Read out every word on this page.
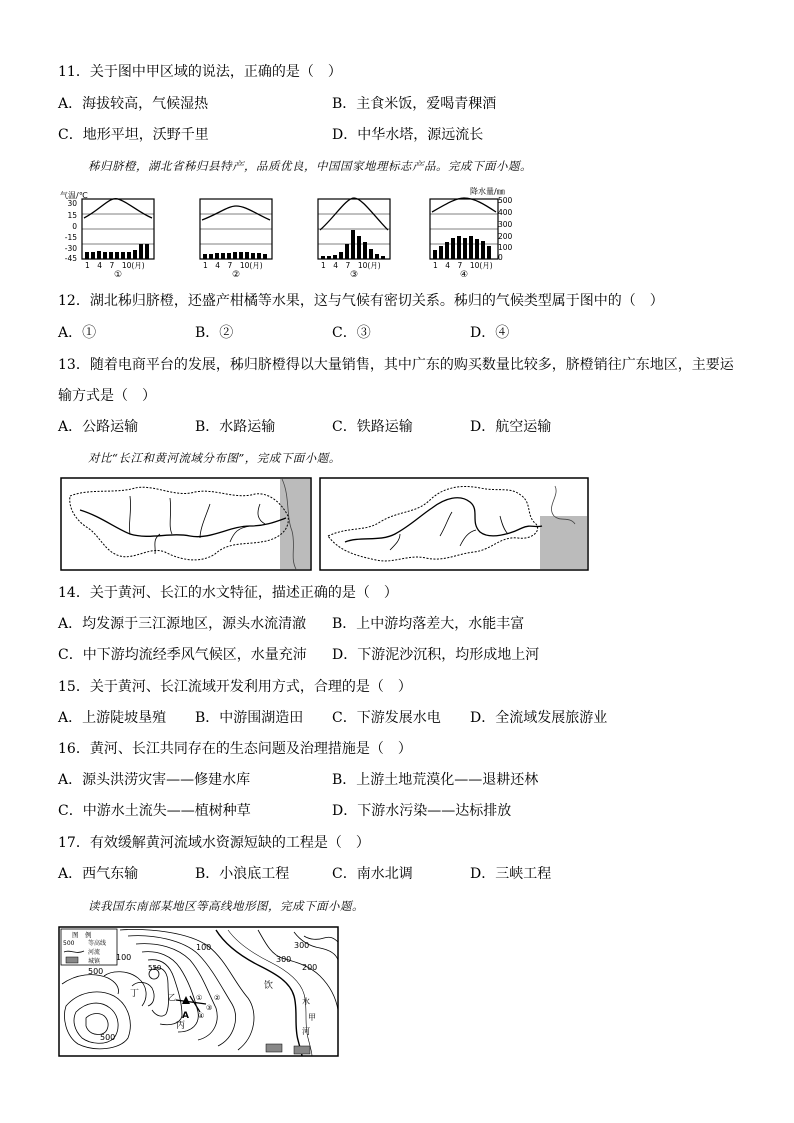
11．关于图中甲区域的说法，正确的是（　）
A．海拔较高，气候湿热	B．主食米饭，爱喝青稞酒
C．地形平坦，沃野千里	D．中华水塔，源远流长
秭归脐橙，湖北省秭归县特产，品质优良，中国国家地理标志产品。完成下面小题。
气温/℃	降水量/㎜
30
15
0
-15
-30
-45
500
400
300
200
100
0
1　4　7　10(月)	1　4　7　10(月)	1　4　7　10(月)	1　4　7　10(月)
①	②	③	④
12．湖北秭归脐橙，还盛产柑橘等水果，这与气候有密切关系。秭归的气候类型属于图中的（　）
A．①	B．②	C．③	D．④
13．随着电商平台的发展，秭归脐橙得以大量销售，其中广东的购买数量比较多，脐橙销往广东地区，主要运
输方式是（　）
A．公路运输	B．水路运输	C．铁路运输	D．航空运输
对比“长江和黄河流域分布图”，完成下面小题。
14．关于黄河、长江的水文特征，描述正确的是（　）
A．均发源于三江源地区，源头水流清澈 B．上中游均落差大，水能丰富
C．中下游均流经季风气候区，水量充沛 D．下游泥沙沉积，均形成地上河
15．关于黄河、长江流域开发利用方式，合理的是（　）
A．上游陡坡垦殖 B．中游围湖造田 C．下游发展水电 D．全流域发展旅游业
16．黄河、长江共同存在的生态问题及治理措施是（　）
A．源头洪涝灾害——修建水库	B．上游土地荒漠化——退耕还林
C．中游水土流失——植树种草	D．下游水污染——达标排放
17．有效缓解黄河流域水资源短缺的工程是（　）
A．西气东输	B．小浪底工程	C．南水北调	D．三峡工程
读我国东南部某地区等高线地形图，完成下面小题。
图　例
500 等高线
河流
城镇
300
300
200
100
100
500	550
500
丁	乙
丙
饮
水
甲
河
A
① ②
③
④
